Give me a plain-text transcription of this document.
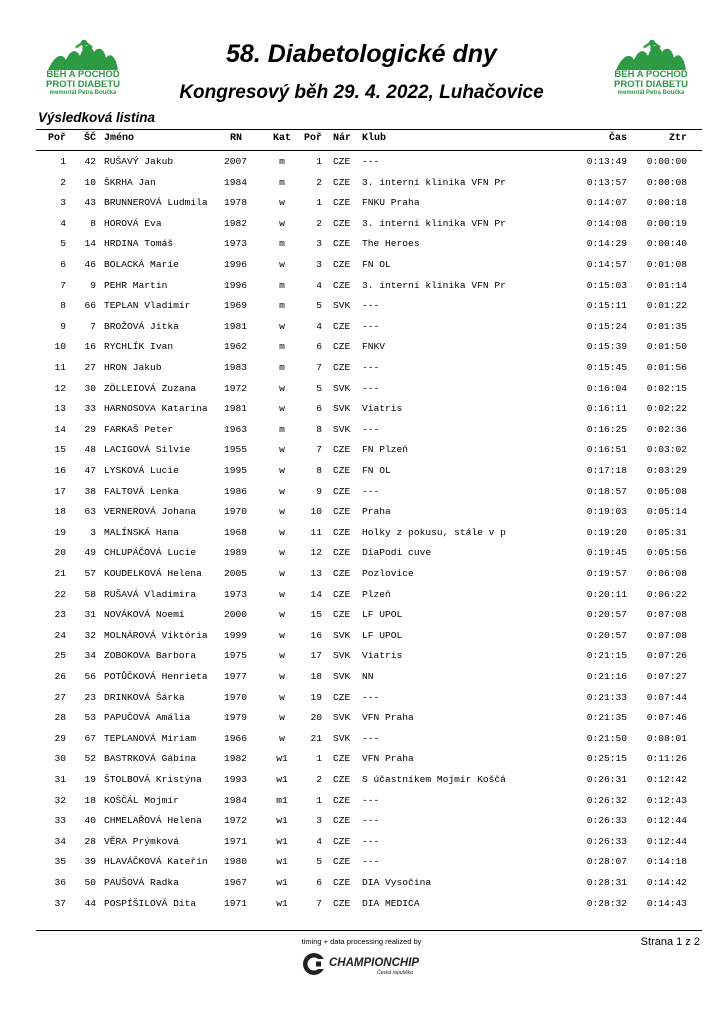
BĚH A POCHOD
PROTI DIABETU
memoriál Petra Boučka
BĚH A POCHOD
PROTI DIABETU
memoriál Petra Boučka
58. Diabetologické dny
Kongresový běh 29. 4. 2022, Luhačovice
Výsledková listina
Poř	ŠČ Jméno	RN	Kat	Poř Nár Klub	Čas	Ztr
1	42 RUŠAVÝ Jakub	2007	m	1 CZE ---	0:13:49	0:00:00
2	10 ŠKRHA Jan	1984	m	2 CZE 3. interní klinika VFN Pr	0:13:57	0:00:08
3	43 BRUNNEROVÁ Ludmila 1978	w	1 CZE FNKU Praha	0:14:07	0:00:18
4	8 HOROVÁ Eva	1982	w	2 CZE 3. interní klinika VFN Pr	0:14:08	0:00:19
5	14 HRDINA Tomáš	1973	m	3 CZE The Heroes	0:14:29	0:00:40
6	46 BOLACKÁ Marie	1996	w	3 CZE FN OL	0:14:57	0:01:08
7	9 PEHR Martin	1996	m	4 CZE 3. interní klinika VFN Pr	0:15:03	0:01:14
8	66 TEPLAN Vladimír	1969	m	5 SVK ---	0:15:11	0:01:22
9	7 BROŽOVÁ Jitka	1981	w	4 CZE ---	0:15:24	0:01:35
10	16 RYCHLÍK Ivan	1962	m	6 CZE FNKV	0:15:39	0:01:50
11	27 HRON Jakub	1983	m	7 CZE ---	0:15:45	0:01:56
12	30 ZÖLLEIOVÁ Zuzana	1972	w	5 SVK ---	0:16:04	0:02:15
13	33 HARNOSOVA Katarina 1981	w	6 SVK Viatris	0:16:11	0:02:22
14	29 FARKAŠ Peter	1963	m	8 SVK ---	0:16:25	0:02:36
15	48 LACIGOVÁ Silvie	1955	w	7 CZE FN Plzeň	0:16:51	0:03:02
16	47 LYSKOVÁ Lucie	1995	w	8 CZE FN OL	0:17:18	0:03:29
17	38 FALTOVÁ Lenka	1986	w	9 CZE ---	0:18:57	0:05:08
18	63 VERNEROVÁ Johana	1970	w	10 CZE Praha	0:19:03	0:05:14
19	3 MALÍNSKÁ Hana	1968	w	11 CZE Holky z pokusu, stále v p	0:19:20	0:05:31
20	49 CHLUPÁČOVÁ Lucie	1989	w	12 CZE DiaPodi cuve	0:19:45	0:05:56
21	57 KOUDELKOVÁ Helena 2005	w	13 CZE Pozlovice	0:19:57	0:06:08
22	58 RUŠAVÁ Vladimíra	1973	w	14 CZE Plzeň	0:20:11	0:06:22
23	31 NOVÁKOVÁ Noemi	2000	w	15 CZE LF UPOL	0:20:57	0:07:08
24	32 MOLNÁROVÁ Viktória 1999	w	16 SVK LF UPOL	0:20:57	0:07:08
25	34 ZOBOKOVA Barbora	1975	w	17 SVK Viatris	0:21:15	0:07:26
26	56 POTŮČKOVÁ Henrieta 1977	w	18 SVK NN	0:21:16	0:07:27
27	23 DRINKOVÁ Šárka	1970	w	19 CZE ---	0:21:33	0:07:44
28	53 PAPUČOVÁ Amália	1979	w	20 SVK VFN Praha	0:21:35	0:07:46
29	67 TEPLANOVÁ Miriam	1966	w	21 SVK ---	0:21:50	0:08:01
30	52 BASTRKOVÁ Gábina	1982	w1	1 CZE VFN Praha	0:25:15	0:11:26
31	19 ŠTOLBOVÁ Kristýna 1993	w1	2 CZE S účastníkem Mojmír Koščá	0:26:31	0:12:42
32	18 KOŠČÁL Mojmír	1984	m1	1 CZE ---	0:26:32	0:12:43
33	40 CHMELAŘOVÁ Helena 1972	w1	3 CZE ---	0:26:33	0:12:44
34	28 VĚRA Prýmková	1971	w1	4 CZE ---	0:26:33	0:12:44
35	39 HLAVÁČKOVÁ Kateřin 1980	w1	5 CZE ---	0:28:07	0:14:18
36	50 PAUŠOVÁ Radka	1967	w1	6 CZE DIA Vysočina	0:28:31	0:14:42
37	44 POSPÍŠILOVÁ Dita	1971	w1	7 CZE DIA MEDICA	0:28:32	0:14:43
timing + data processing realized by
CHAMPIONCHIP
Česká republika
Strana 1 z 2
